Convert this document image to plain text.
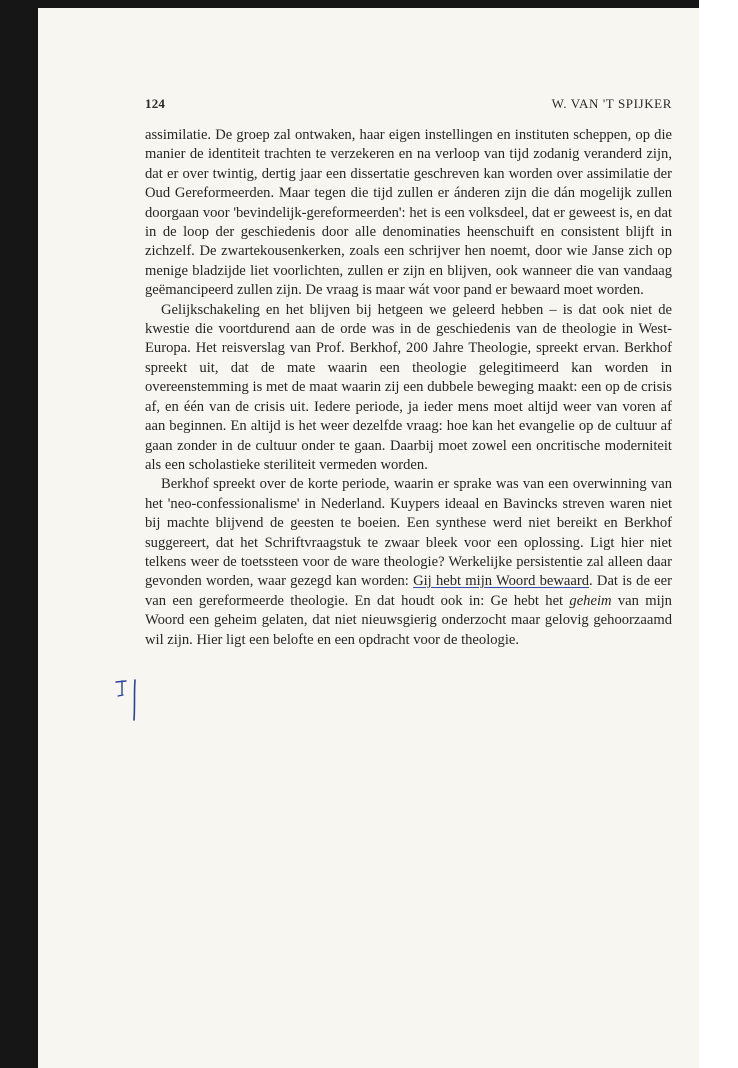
124	W. VAN 'T SPIJKER

assimilatie. De groep zal ontwaken, haar eigen instellingen en instituten scheppen, op die manier de identiteit trachten te verzekeren en na verloop van tijd zodanig veranderd zijn, dat er over twintig, dertig jaar een dissertatie geschreven kan worden over assimilatie der Oud Gereformeerden. Maar tegen die tijd zullen er ánderen zijn die dán mogelijk zullen doorgaan voor 'bevindelijk-gereformeerden': het is een volksdeel, dat er geweest is, en dat in de loop der geschiedenis door alle denominaties heenschuift en consistent blijft in zichzelf. De zwartekousenkerken, zoals een schrijver hen noemt, door wie Janse zich op menige bladzijde liet voorlichten, zullen er zijn en blijven, ook wanneer die van vandaag geëmancipeerd zullen zijn. De vraag is maar wát voor pand er bewaard moet worden.

Gelijkschakeling en het blijven bij hetgeen we geleerd hebben – is dat ook niet de kwestie die voortdurend aan de orde was in de geschiedenis van de theologie in West-Europa. Het reisverslag van Prof. Berkhof, 200 Jahre Theologie, spreekt ervan. Berkhof spreekt uit, dat de mate waarin een theologie gelegitimeerd kan worden in overeenstemming is met de maat waarin zij een dubbele beweging maakt: een op de crisis af, en één van de crisis uit. Iedere periode, ja ieder mens moet altijd weer van voren af aan beginnen. En altijd is het weer dezelfde vraag: hoe kan het evangelie op de cultuur af gaan zonder in de cultuur onder te gaan. Daarbij moet zowel een oncritische moderniteit als een scholastieke steriliteit vermeden worden.

Berkhof spreekt over de korte periode, waarin er sprake was van een overwinning van het 'neo-confessionalisme' in Nederland. Kuypers ideaal en Bavincks streven waren niet bij machte blijvend de geesten te boeien. Een synthese werd niet bereikt en Berkhof suggereert, dat het Schriftvraagstuk te zwaar bleek voor een oplossing. Ligt hier niet telkens weer de toetssteen voor de ware theologie? Werkelijke persistentie zal alleen daar gevonden worden, waar gezegd kan worden: Gij hebt mijn Woord bewaard. Dat is de eer van een gereformeerde theologie. En dat houdt ook in: Ge hebt het geheim van mijn Woord een geheim gelaten, dat niet nieuwsgierig onderzocht maar gelovig gehoorzaamd wil zijn. Hier ligt een belofte en een opdracht voor de theologie.
